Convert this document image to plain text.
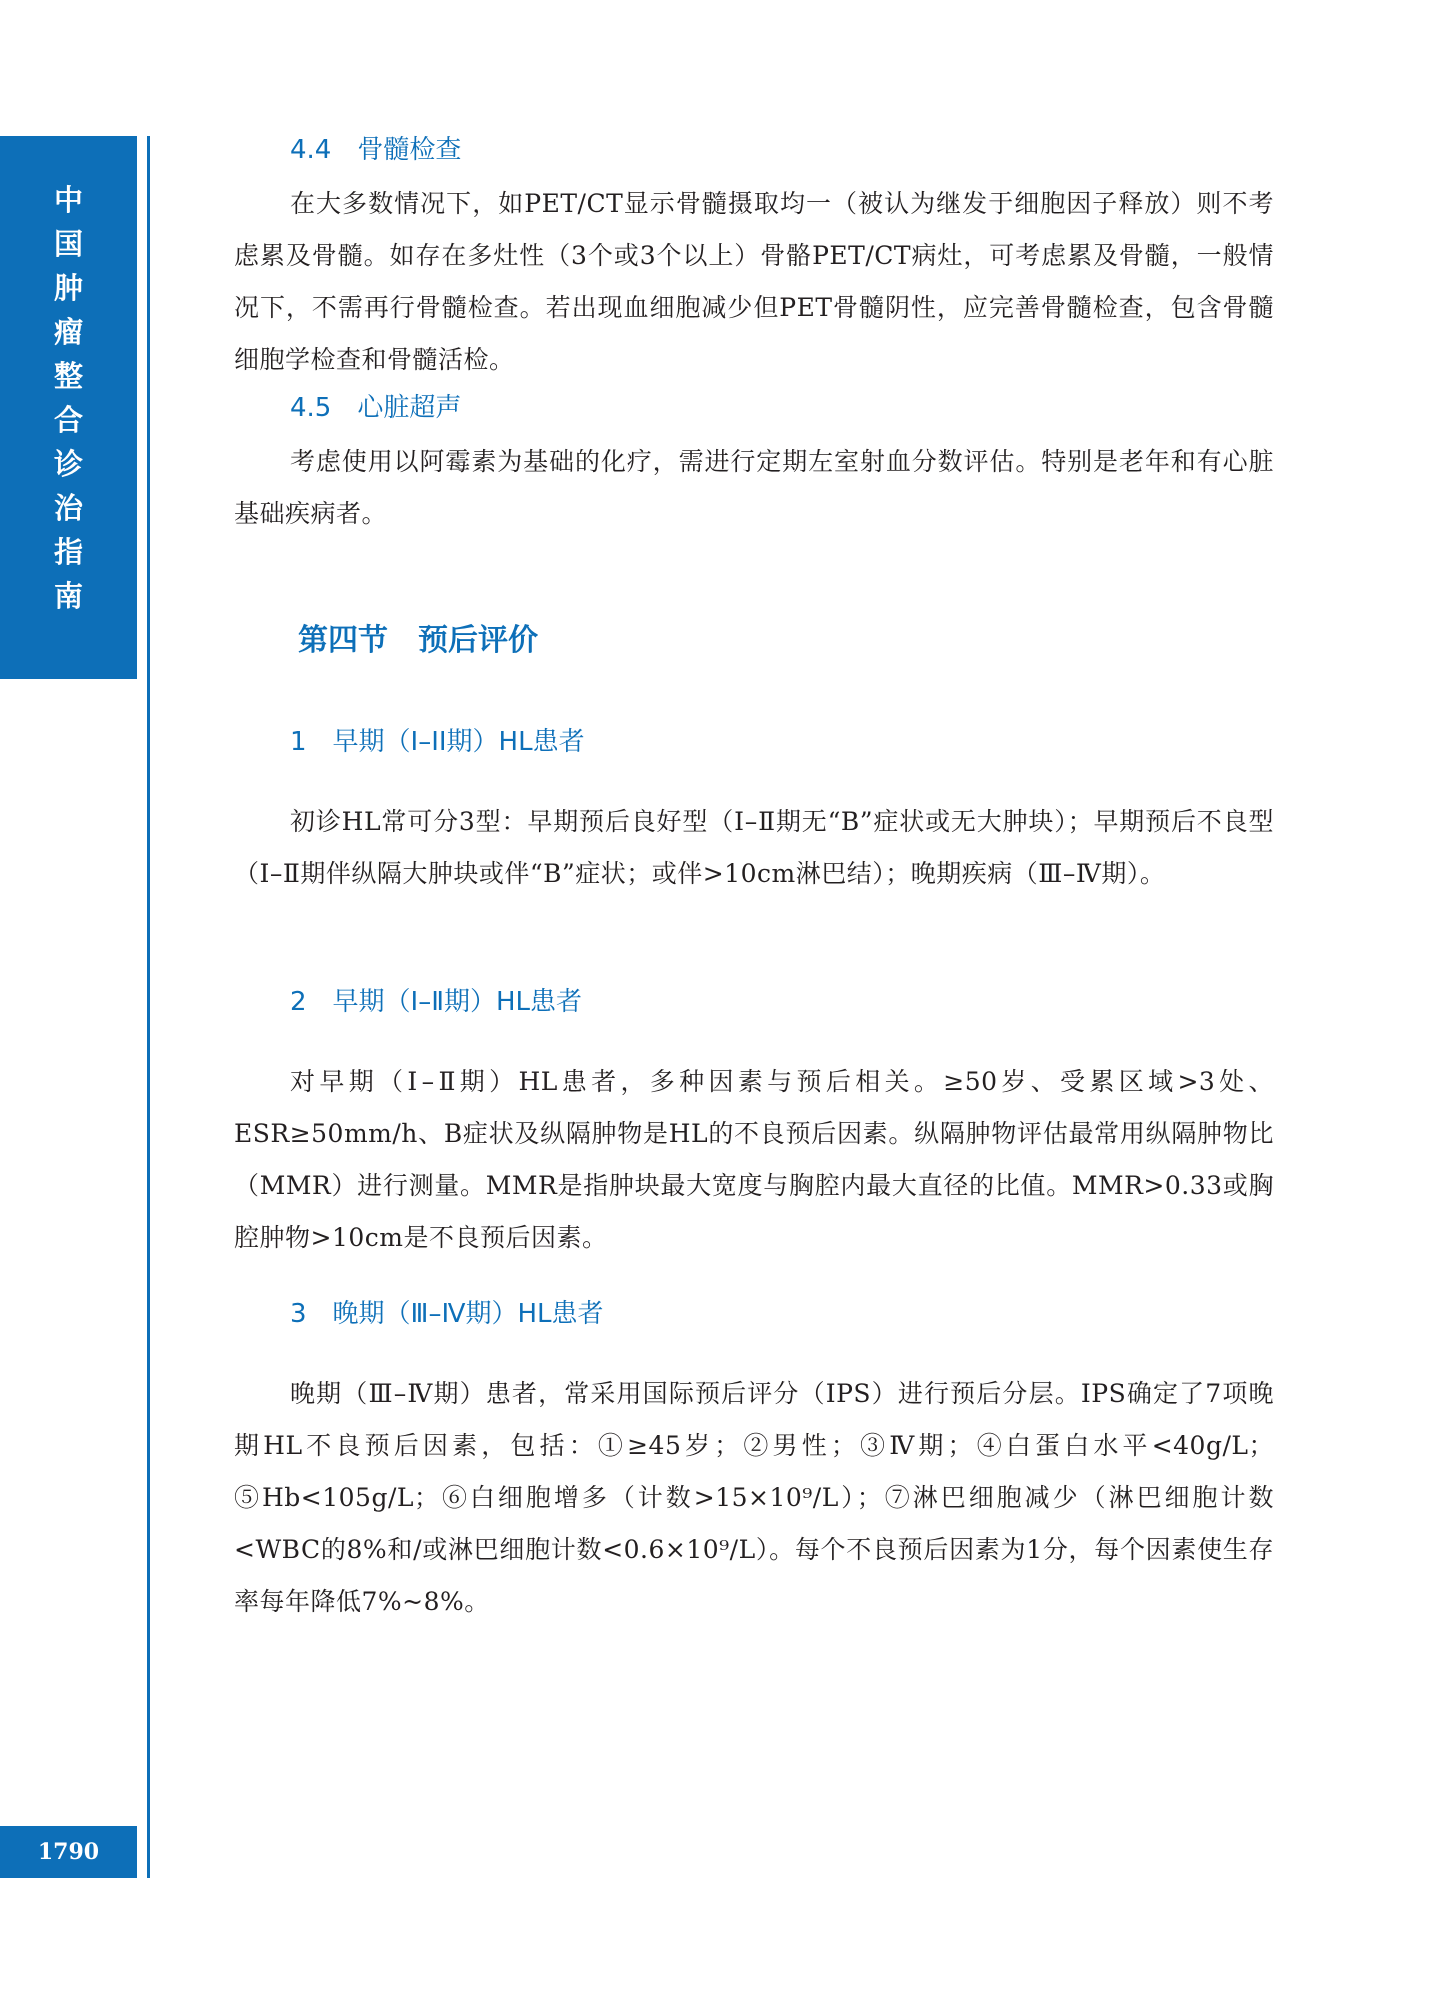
中
国
肿
瘤
整
合
诊
治
指
南
1790
4.4　骨髓检查

在大多数情况下，如PET/CT显示骨髓摄取均一（被认为继发于细胞因子释放）则不考虑累及骨髓。如存在多灶性（3个或3个以上）骨骼PET/CT病灶，可考虑累及骨髓，一般情况下，不需再行骨髓检查。若出现血细胞减少但PET骨髓阴性，应完善骨髓检查，包含骨髓细胞学检查和骨髓活检。

4.5　心脏超声

考虑使用以阿霉素为基础的化疗，需进行定期左室射血分数评估。特别是老年和有心脏基础疾病者。

第四节　预后评价
1　早期（I–II期）HL患者

初诊HL常可分3型：早期预后良好型（Ⅰ–Ⅱ期无“B”症状或无大肿块）；早期预后不良型（Ⅰ–Ⅱ期伴纵隔大肿块或伴“B”症状；或伴>10cm淋巴结）；晚期疾病（Ⅲ–Ⅳ期）。

2　早期（Ⅰ–Ⅱ期）HL患者

对早期（Ⅰ–Ⅱ期）HL患者，多种因素与预后相关。≥50岁、受累区域>3处、ESR≥50mm/h、B症状及纵隔肿物是HL的不良预后因素。纵隔肿物评估最常用纵隔肿物比（MMR）进行测量。MMR是指肿块最大宽度与胸腔内最大直径的比值。MMR>0.33或胸腔肿物>10cm是不良预后因素。

3　晚期（Ⅲ–Ⅳ期）HL患者

晚期（Ⅲ–Ⅳ期）患者，常采用国际预后评分（IPS）进行预后分层。IPS确定了7项晚期HL不良预后因素，包括：①≥45岁；②男性；③Ⅳ期；④白蛋白水平<40g/L；⑤Hb<105g/L；⑥白细胞增多（计数>15×10⁹/L）；⑦淋巴细胞减少（淋巴细胞计数<WBC的8%和/或淋巴细胞计数<0.6×10⁹/L）。每个不良预后因素为1分，每个因素使生存率每年降低7%~8%。
